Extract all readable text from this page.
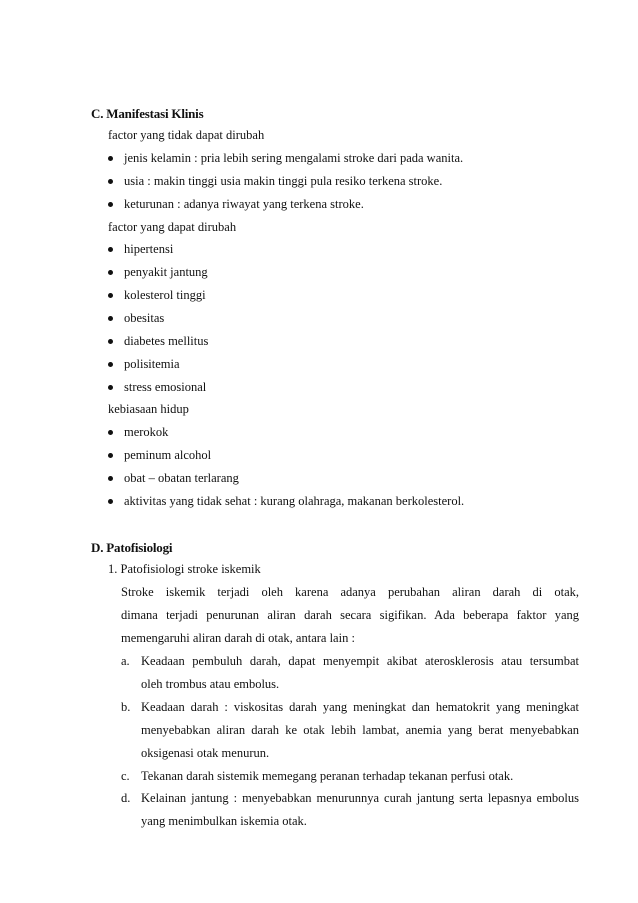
C. Manifestasi Klinis
factor yang tidak dapat dirubah
jenis kelamin : pria lebih sering mengalami stroke dari pada wanita.
usia : makin tinggi usia makin tinggi pula resiko terkena stroke.
keturunan : adanya riwayat yang terkena stroke.
factor yang dapat dirubah
hipertensi
penyakit jantung
kolesterol tinggi
obesitas
diabetes mellitus
polisitemia
stress emosional
kebiasaan hidup
merokok
peminum alcohol
obat – obatan terlarang
aktivitas yang tidak sehat : kurang olahraga, makanan berkolesterol.
D. Patofisiologi
1. Patofisiologi stroke iskemik
Stroke iskemik terjadi oleh karena adanya perubahan aliran darah di otak,
dimana terjadi penurunan aliran darah secara sigifikan. Ada beberapa faktor yang
memengaruhi aliran darah di otak, antara lain :
a. Keadaan pembuluh darah, dapat menyempit akibat aterosklerosis atau tersumbat
oleh trombus atau embolus.
b. Keadaan darah : viskositas darah yang meningkat dan hematokrit yang meningkat
menyebabkan aliran darah ke otak lebih lambat, anemia yang berat menyebabkan
oksigenasi otak menurun.
c. Tekanan darah sistemik memegang peranan terhadap tekanan perfusi otak.
d. Kelainan jantung : menyebabkan menurunnya curah jantung serta lepasnya embolus
yang menimbulkan iskemia otak.
